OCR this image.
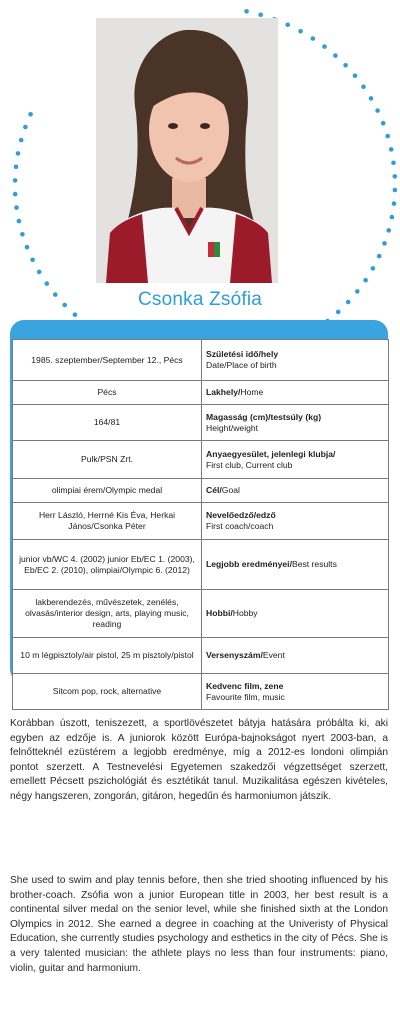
Csonka Zsófia
1985. szeptember/September 12., Pécs	Születési idő/hely
Date/Place of birth
Pécs	Lakhely/Home
164/81	Magasság (cm)/testsúly (kg)
Height/weight
Pulk/PSN Zrt.	Anyaegyesület, jelenlegi klubja/
First club, Current club
olimpiai érem/Olympic medal	Cél/Goal
Herr László, Herrné Kis Éva, Herkai János/Csonka Péter	Nevelőedző/edző
First coach/coach
junior vb/WC 4. (2002) junior Eb/EC 1. (2003), Eb/EC 2. (2010), olimpiai/Olympic 6. (2012)	Legjobb eredményei/Best results
lakberendezés, művészetek, zenélés, olvasás/interior design, arts, playing music, reading	Hobbi/Hobby
10 m légpisztoly/air pistol, 25 m pisztoly/pistol	Versenyszám/Event
Sitcom pop, rock, alternative	Kedvenc film, zene
Favourite film, music

Korábban úszott, teniszezett, a sportlövészetet bátyja hatására próbálta ki, aki egyben az edzője is. A juniorok között Európa-bajnokságot nyert 2003-ban, a felnőtteknél ezüstérem a legjobb eredménye, míg a 2012-es londoni olimpián pontot szerzett. A Testnevelési Egyetemen szakedzői végzettséget szerzett, emellett Pécsett pszichológiát és esztétikát tanul. Muzikalitása egészen kivételes, négy hangszeren, zongorán, gitáron, hegedűn és harmoniumon játszik.

She used to swim and play tennis before, then she tried shooting influenced by his brother-coach. Zsófia won a junior European title in 2003, her best result is a continental silver medal on the senior level, while she finished sixth at the London Olympics in 2012. She earned a degree in coaching at the Univeristy of Physical Education, she currently studies psychology and esthetics in the city of Pécs. She is a very talented musician: the athlete plays no less than four instruments: piano, violin, guitar and harmonium.
